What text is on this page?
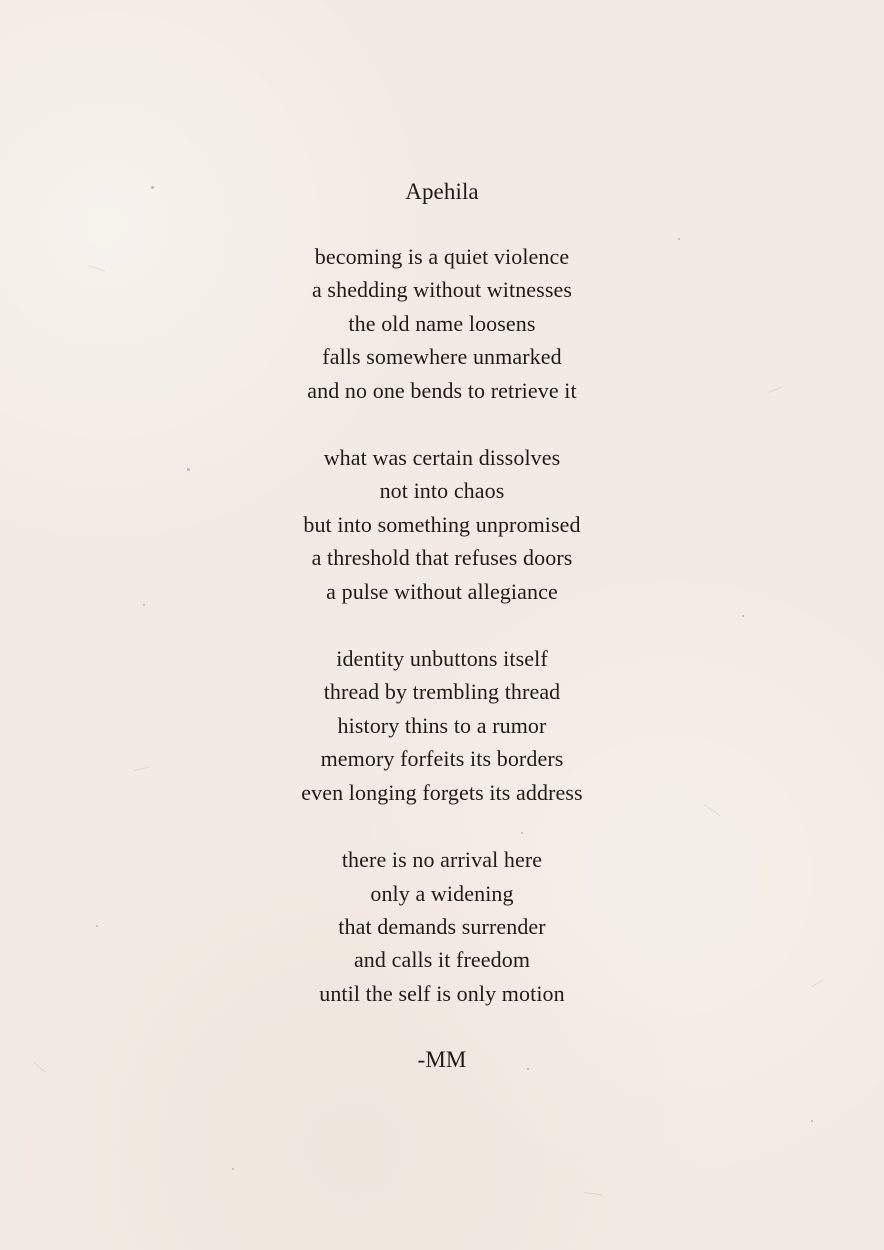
Apehila
becoming is a quiet violence
a shedding without witnesses
the old name loosens
falls somewhere unmarked
and no one bends to retrieve it
what was certain dissolves
not into chaos
but into something unpromised
a threshold that refuses doors
a pulse without allegiance
identity unbuttons itself
thread by trembling thread
history thins to a rumor
memory forfeits its borders
even longing forgets its address
there is no arrival here
only a widening
that demands surrender
and calls it freedom
until the self is only motion
-MM
